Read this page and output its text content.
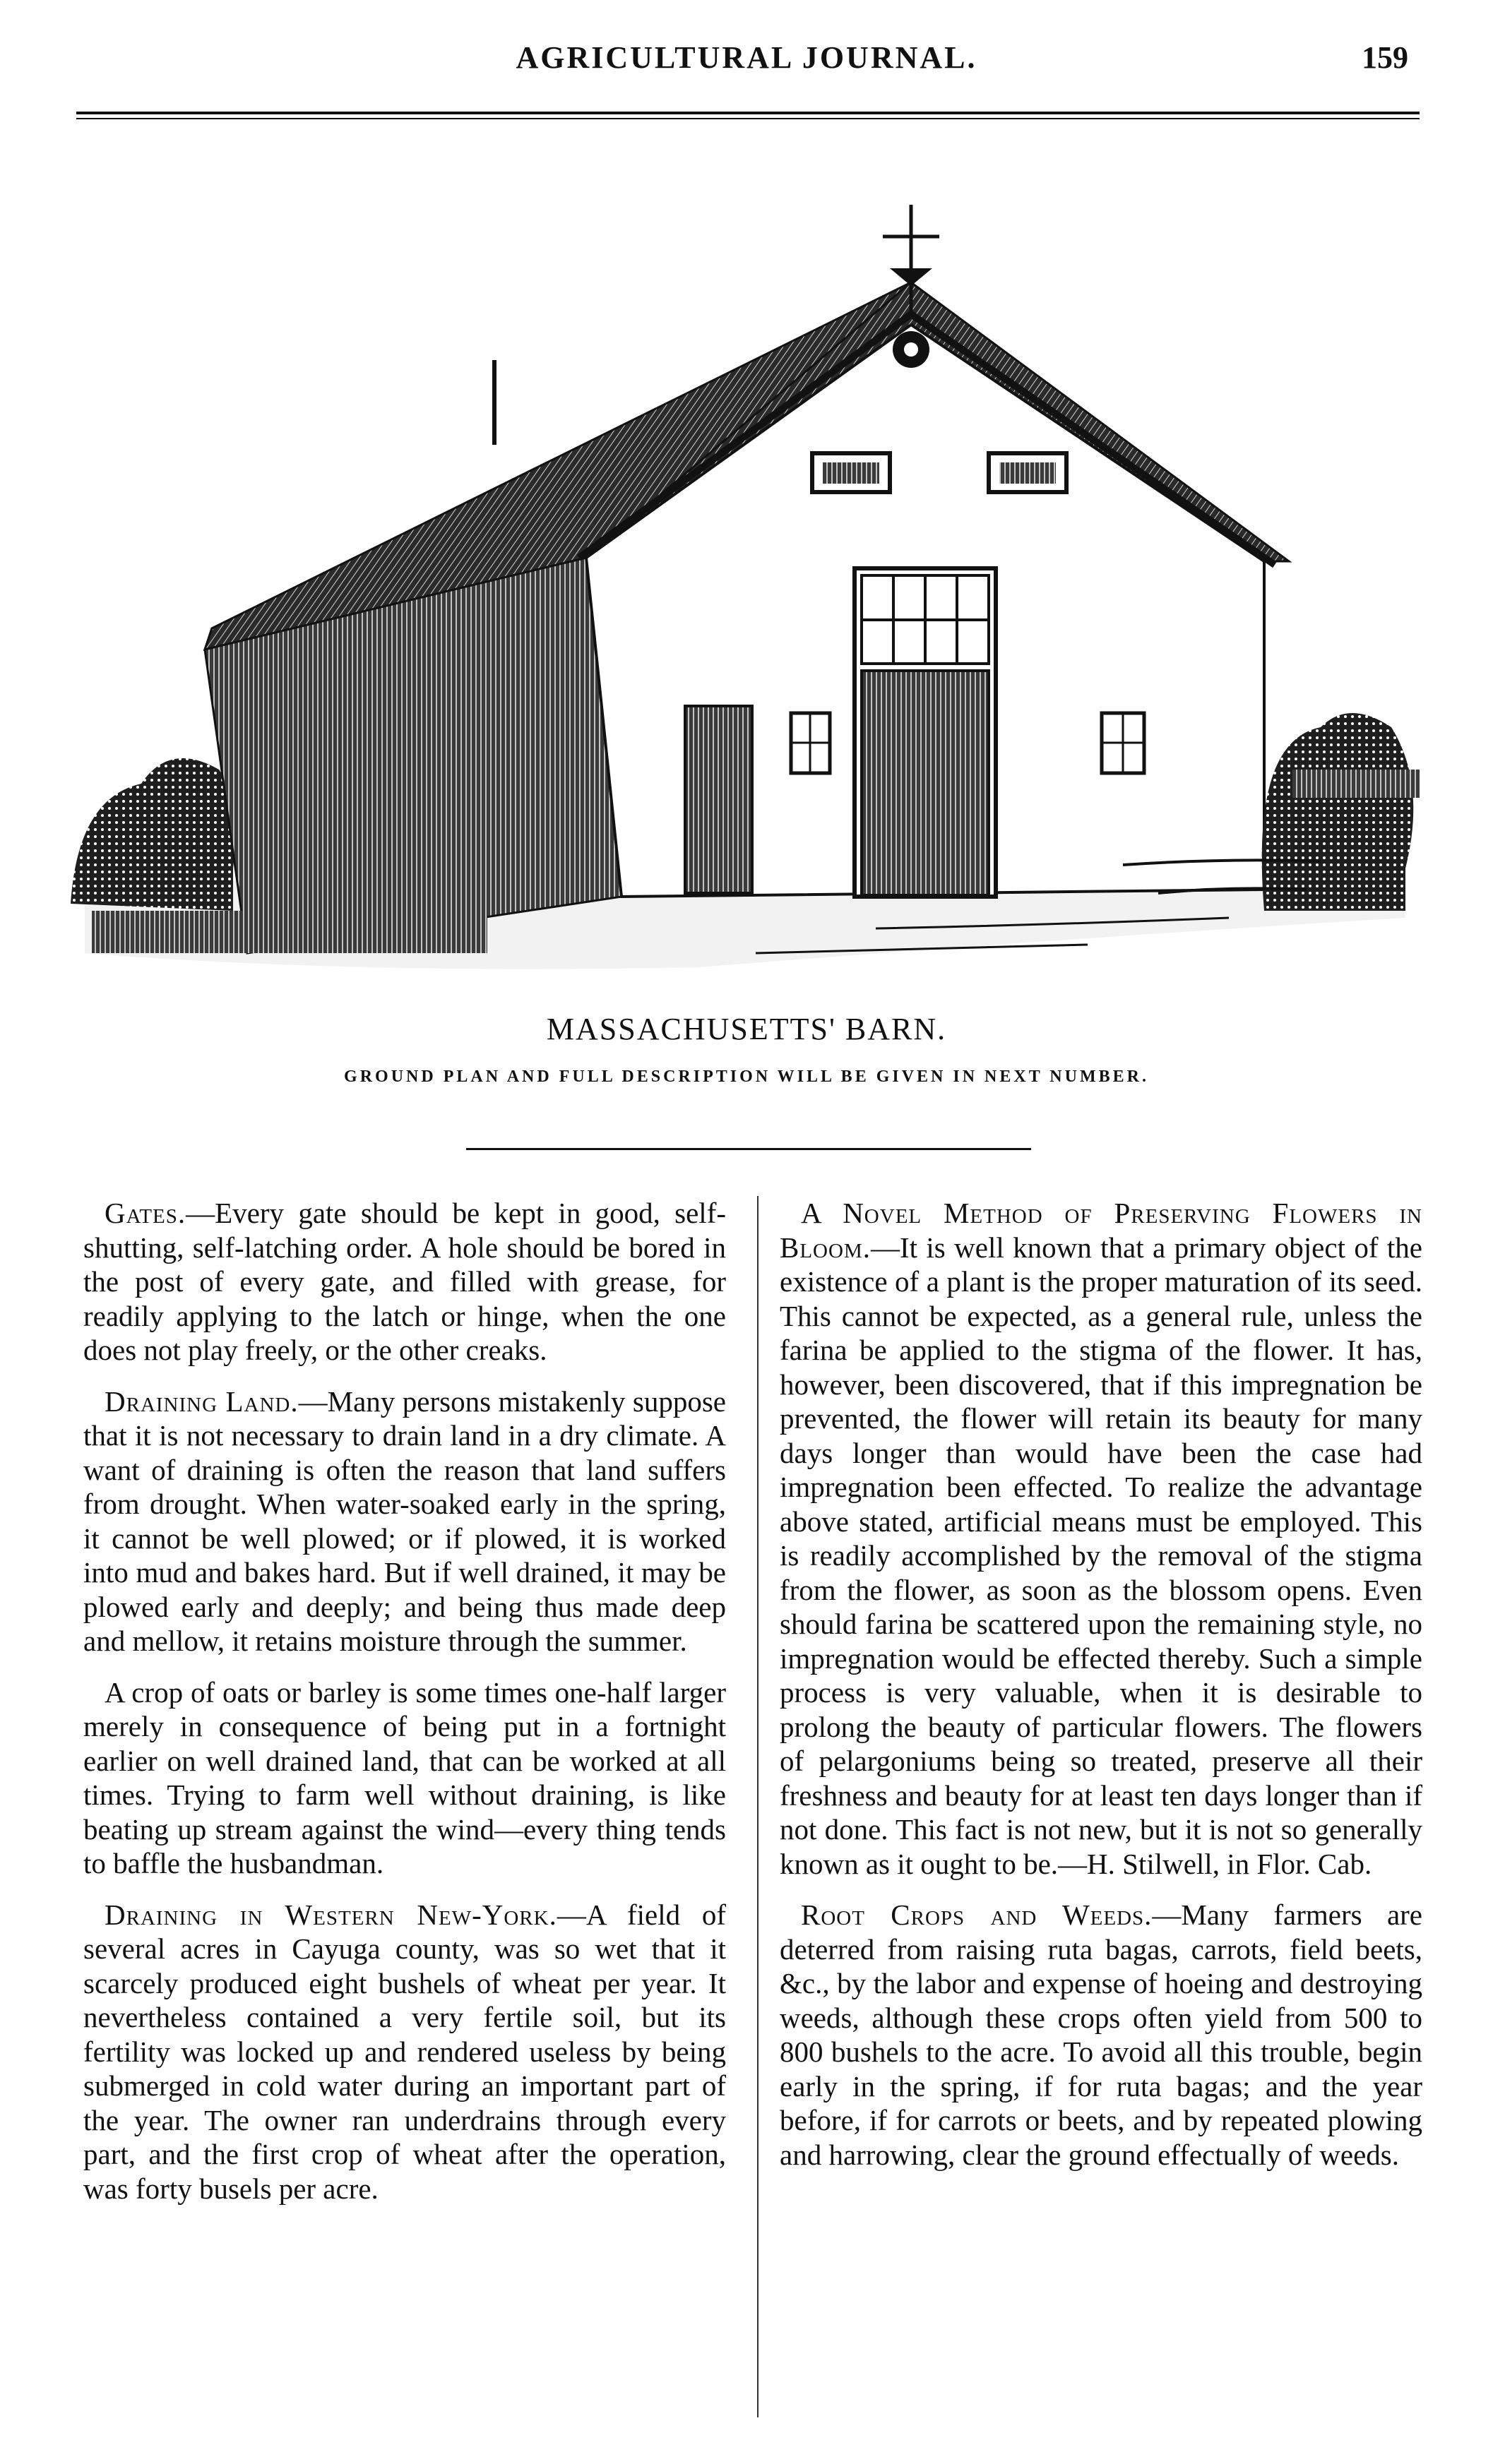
AGRICULTURAL JOURNAL.	159
MASSACHUSETTS' BARN.
GROUND PLAN AND FULL DESCRIPTION WILL BE GIVEN IN NEXT NUMBER.

Gates.—Every gate should be kept in good, self-shutting, self-latching order. A hole should be bored in the post of every gate, and filled with grease, for readily applying to the latch or hinge, when the one does not play freely, or the other creaks.

Draining Land.—Many persons mistakenly suppose that it is not necessary to drain land in a dry climate. A want of draining is often the reason that land suffers from drought. When water-soaked early in the spring, it cannot be well plowed; or if plowed, it is worked into mud and bakes hard. But if well drained, it may be plowed early and deeply; and being thus made deep and mellow, it retains moisture through the summer.

A crop of oats or barley is some times one-half larger merely in consequence of being put in a fortnight earlier on well drained land, that can be worked at all times. Trying to farm well without draining, is like beating up stream against the wind—every thing tends to baffle the husbandman.

Draining in Western New-York.—A field of several acres in Cayuga county, was so wet that it scarcely produced eight bushels of wheat per year. It nevertheless contained a very fertile soil, but its fertility was locked up and rendered useless by being submerged in cold water during an important part of the year. The owner ran underdrains through every part, and the first crop of wheat after the operation, was forty busels per acre.

A Novel Method of Preserving Flowers in Bloom.—It is well known that a primary object of the existence of a plant is the proper maturation of its seed. This cannot be expected, as a general rule, unless the farina be applied to the stigma of the flower. It has, however, been discovered, that if this impregnation be prevented, the flower will retain its beauty for many days longer than would have been the case had impregnation been effected. To realize the advantage above stated, artificial means must be employed. This is readily accomplished by the removal of the stigma from the flower, as soon as the blossom opens. Even should farina be scattered upon the remaining style, no impregnation would be effected thereby. Such a simple process is very valuable, when it is desirable to prolong the beauty of particular flowers. The flowers of pelargoniums being so treated, preserve all their freshness and beauty for at least ten days longer than if not done. This fact is not new, but it is not so generally known as it ought to be.—H. Stilwell, in Flor. Cab.

Root Crops and Weeds.—Many farmers are deterred from raising ruta bagas, carrots, field beets, &c., by the labor and expense of hoeing and destroying weeds, although these crops often yield from 500 to 800 bushels to the acre. To avoid all this trouble, begin early in the spring, if for ruta bagas; and the year before, if for carrots or beets, and by repeated plowing and harrowing, clear the ground effectually of weeds.
